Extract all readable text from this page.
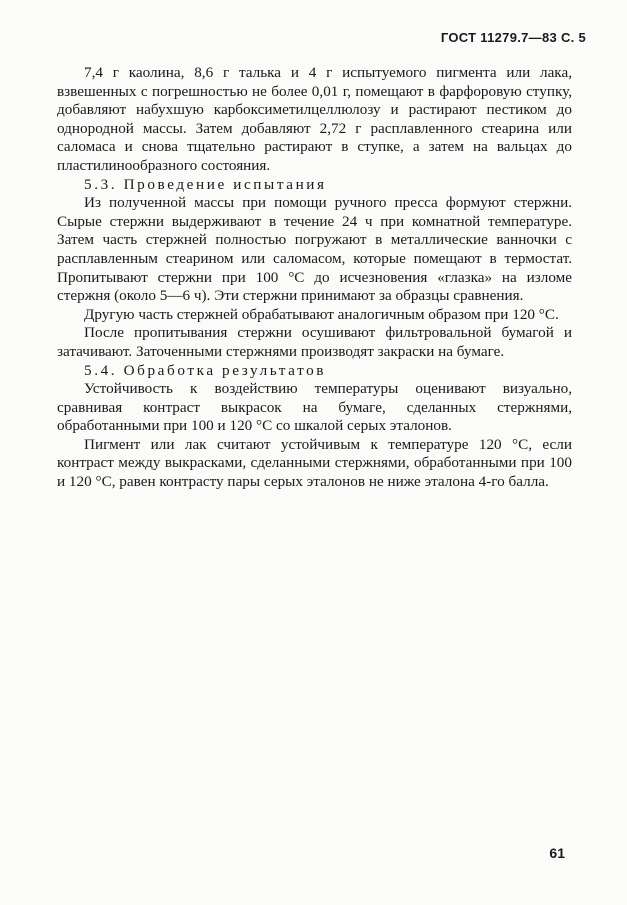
ГОСТ 11279.7—83 С. 5

7,4 г каолина, 8,6 г талька и 4 г испытуемого пигмента или лака, взвешенных с погрешностью не более 0,01 г, помещают в фарфоровую ступку, добавляют набухшую карбоксиметилцеллюлозу и растирают пестиком до однородной массы. Затем добавляют 2,72 г расплавленного стеарина или саломаса и снова тщательно растирают в ступке, а затем на вальцах до пластилинообразного состояния.

5.3. Проведение испытания

Из полученной массы при помощи ручного пресса формуют стержни. Сырые стержни выдерживают в течение 24 ч при комнатной температуре. Затем часть стержней полностью погружают в металлические ванночки с расплавленным стеарином или саломасом, которые помещают в термостат. Пропитывают стержни при 100 °С до исчезновения «глазка» на изломе стержня (около 5—6 ч). Эти стержни принимают за образцы сравнения.

Другую часть стержней обрабатывают аналогичным образом при 120 °С.

После пропитывания стержни осушивают фильтровальной бумагой и затачивают. Заточенными стержнями производят закраски на бумаге.

5.4. Обработка результатов

Устойчивость к воздействию температуры оценивают визуально, сравнивая контраст выкрасок на бумаге, сделанных стержнями, обработанными при 100 и 120 °С со шкалой серых эталонов.

Пигмент или лак считают устойчивым к температуре 120 °С, если контраст между выкрасками, сделанными стержнями, обработанными при 100 и 120 °С, равен контрасту пары серых эталонов не ниже эталона 4-го балла.

61
